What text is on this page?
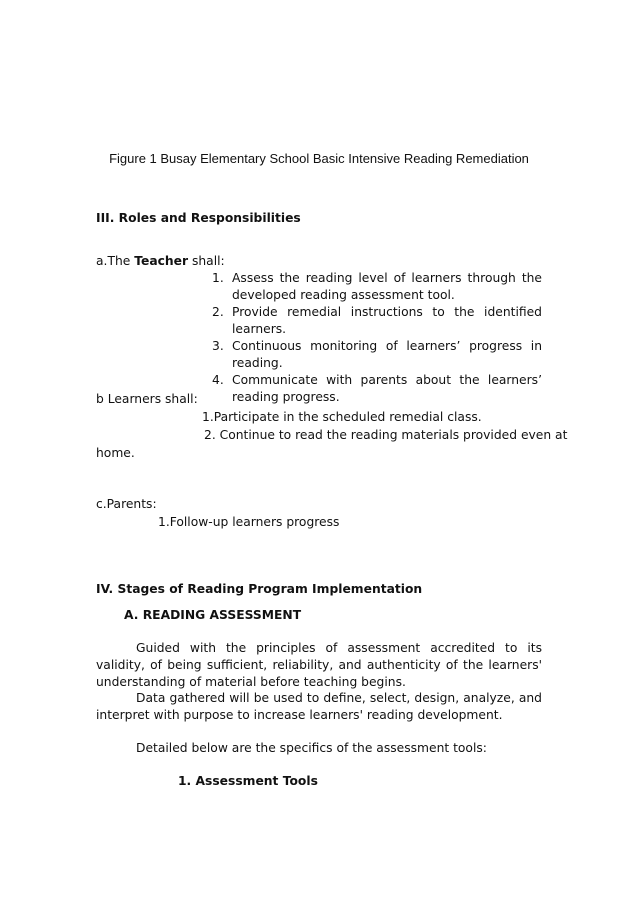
Figure 1 Busay Elementary School Basic Intensive Reading Remediation
III. Roles and Responsibilities
a.The Teacher shall:
1. Assess the reading level of learners through the developed reading assessment tool.
2. Provide remedial instructions to the identified learners.
3. Continuous monitoring of learners’ progress in reading.
4. Communicate with parents about the learners’ reading progress.
b Learners shall:
1.Participate in the scheduled remedial class.
2. Continue to read the reading materials provided even at
home.
c.Parents:
1.Follow-up learners progress
IV. Stages of Reading Program Implementation
A. READING ASSESSMENT
Guided with the principles of assessment accredited to its validity, of being sufficient, reliability, and authenticity of the learners' understanding of material before teaching begins.
Data gathered will be used to define, select, design, analyze, and interpret with purpose to increase learners' reading development.
Detailed below are the specifics of the assessment tools:
1. Assessment Tools
